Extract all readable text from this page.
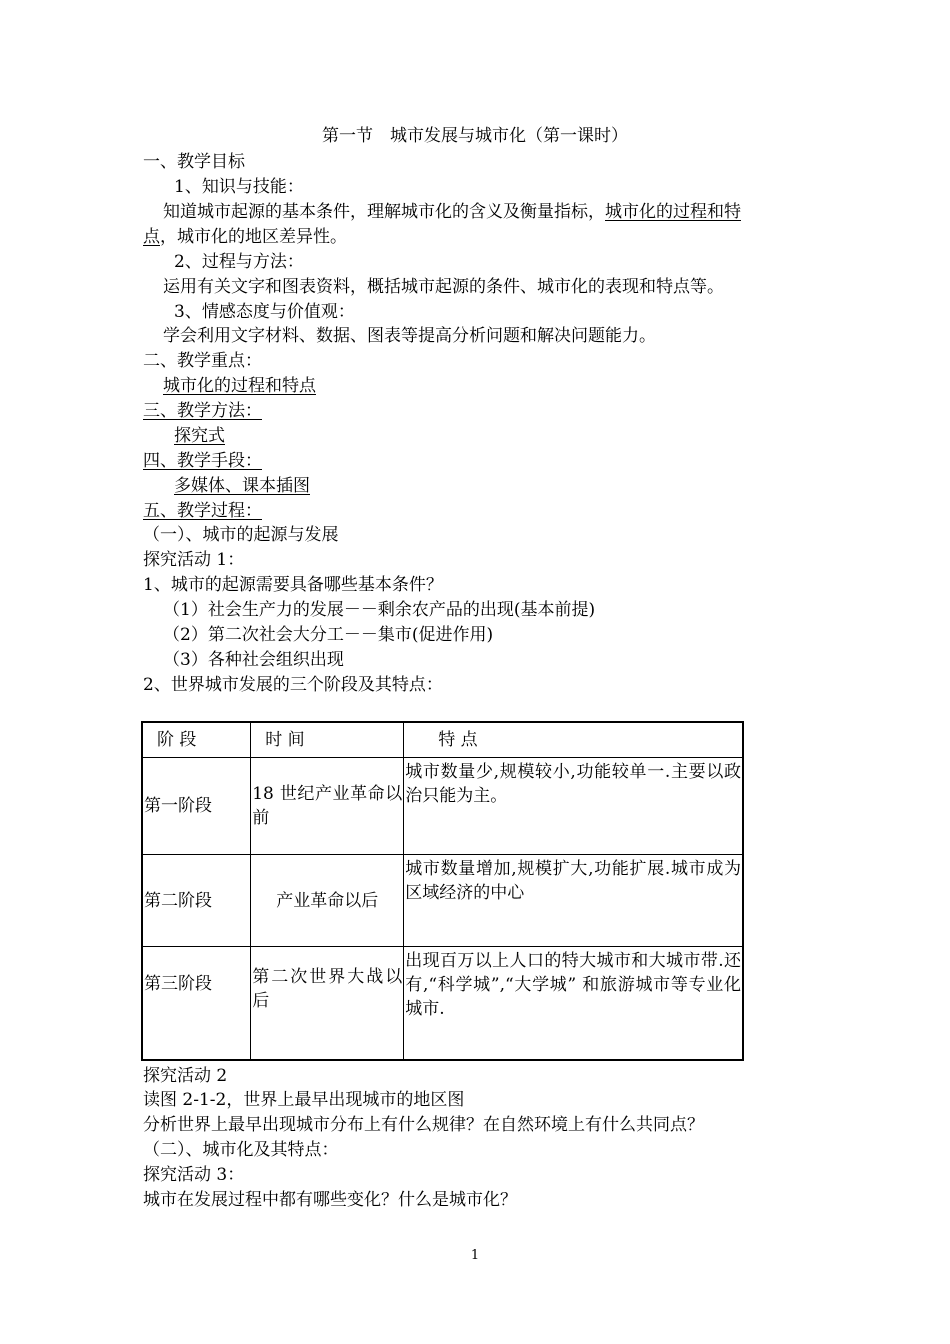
第一节　城市发展与城市化（第一课时）
一、教学目标
1、知识与技能：
知道城市起源的基本条件，理解城市化的含义及衡量指标，城市化的过程和特
点，城市化的地区差异性。
2、过程与方法：
运用有关文字和图表资料，概括城市起源的条件、城市化的表现和特点等。
3、情感态度与价值观：
学会利用文字材料、数据、图表等提高分析问题和解决问题能力。
二、教学重点：
城市化的过程和特点
三、教学方法：
探究式
四、教学手段：
多媒体、课本插图
五、教学过程：
（一）、城市的起源与发展
探究活动 1：
1、城市的起源需要具备哪些基本条件？
（1）社会生产力的发展－－剩余农产品的出现(基本前提)
（2）第二次社会大分工－－集市(促进作用)
（3）各种社会组织出现
2、世界城市发展的三个阶段及其特点：
阶 段	时 间	特 点
第一阶段	18 世纪产业革命以前	城市数量少,规模较小,功能较单一.主要以政治只能为主。
第二阶段	产业革命以后	城市数量增加,规模扩大,功能扩展.城市成为区域经济的中心
第三阶段	第二次世界大战以后	出现百万以上人口的特大城市和大城市带.还有,“科学城”,“大学城” 和旅游城市等专业化城市.
探究活动 2
读图 2-1-2，世界上最早出现城市的地区图
分析世界上最早出现城市分布上有什么规律？在自然环境上有什么共同点？
（二）、城市化及其特点：
探究活动 3：
城市在发展过程中都有哪些变化？什么是城市化？
1
